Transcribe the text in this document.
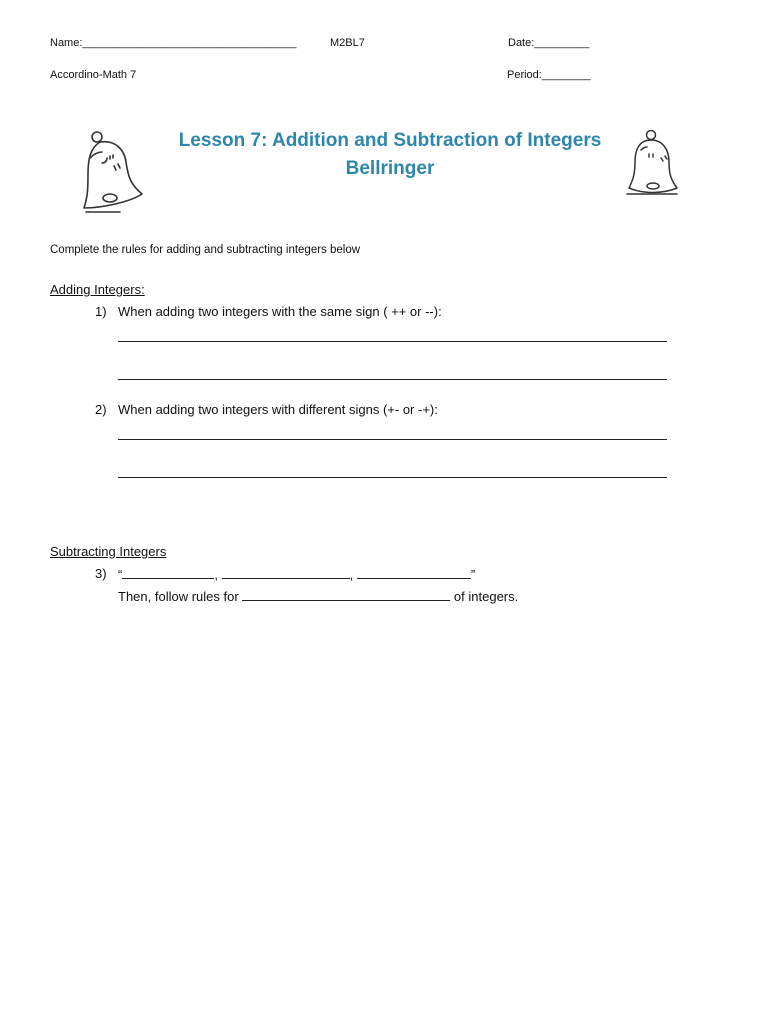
Name:___________________________________	M2BL7	Date:_________
Accordino-Math 7	Period:________
Lesson 7: Addition and Subtraction of Integers
Bellringer
Complete the rules for adding and subtracting integers below
Adding Integers:
1) When adding two integers with the same sign ( ++ or --):
2) When adding two integers with different signs (+- or -+):
Subtracting Integers
3) “	,	,	”
Then, follow rules for	of integers.
